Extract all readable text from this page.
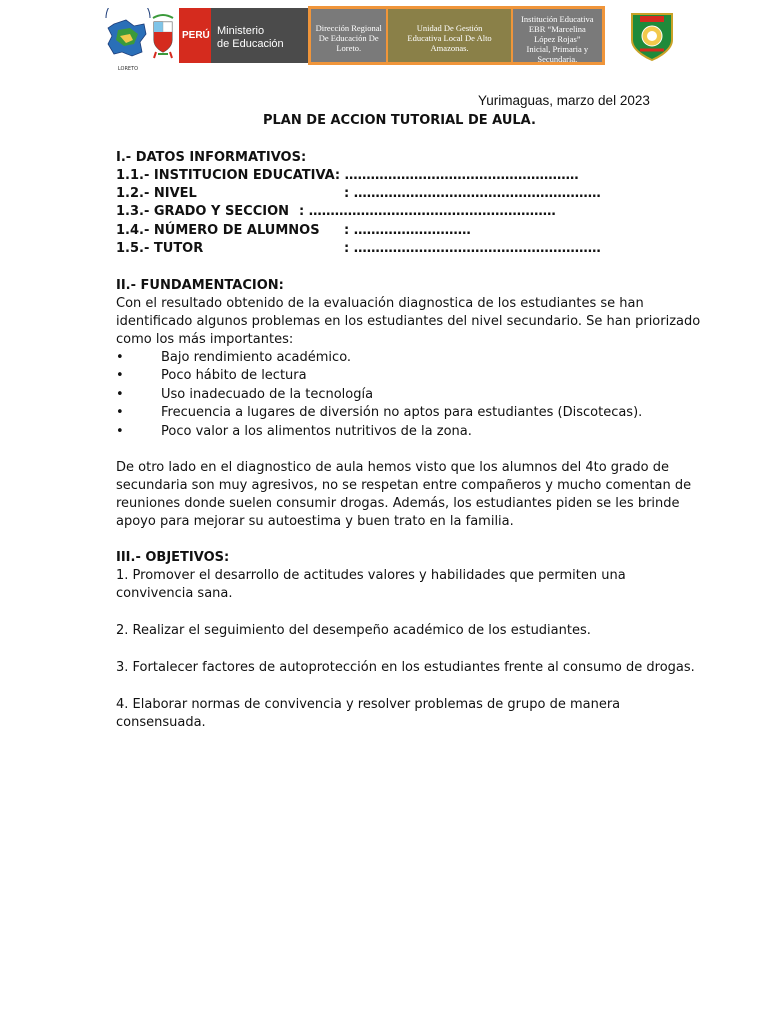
LORETO
PERÚ Ministerio
de Educación
Dirección Regional
De Educación De
Loreto.
Unidad De Gestión
Educativa Local De Alto
Amazonas.
Institución Educativa
EBR “Marcelina
López Rojas”
Inicial, Primaria y
Secundaria.
Yurimaguas, marzo del 2023
PLAN DE ACCION TUTORIAL DE AULA.
I.- DATOS INFORMATIVOS:
1.1.- INSTITUCION EDUCATIVA: ………………………………………………
1.2.- NIVEL	: …………………………………………………
1.3.- GRADO Y SECCION : …………………………………………………
1.4.- NÚMERO DE ALUMNOS : ………………………
1.5.- TUTOR	: …………………………………………………
II.- FUNDAMENTACION:
Con el resultado obtenido de la evaluación diagnostica de los estudiantes se han
identificado algunos problemas en los estudiantes del nivel secundario. Se han priorizado
como los más importantes:
•	Bajo rendimiento académico.
•	Poco hábito de lectura
•	Uso inadecuado de la tecnología
•	Frecuencia a lugares de diversión no aptos para estudiantes (Discotecas).
•	Poco valor a los alimentos nutritivos de la zona.
De otro lado en el diagnostico de aula hemos visto que los alumnos del 4to grado de
secundaria son muy agresivos, no se respetan entre compañeros y mucho comentan de
reuniones donde suelen consumir drogas. Además, los estudiantes piden se les brinde
apoyo para mejorar su autoestima y buen trato en la familia.
III.- OBJETIVOS:
1. Promover el desarrollo de actitudes valores y habilidades que permiten una
convivencia sana.
2. Realizar el seguimiento del desempeño académico de los estudiantes.
3. Fortalecer factores de autoprotección en los estudiantes frente al consumo de drogas.
4. Elaborar normas de convivencia y resolver problemas de grupo de manera
consensuada.
